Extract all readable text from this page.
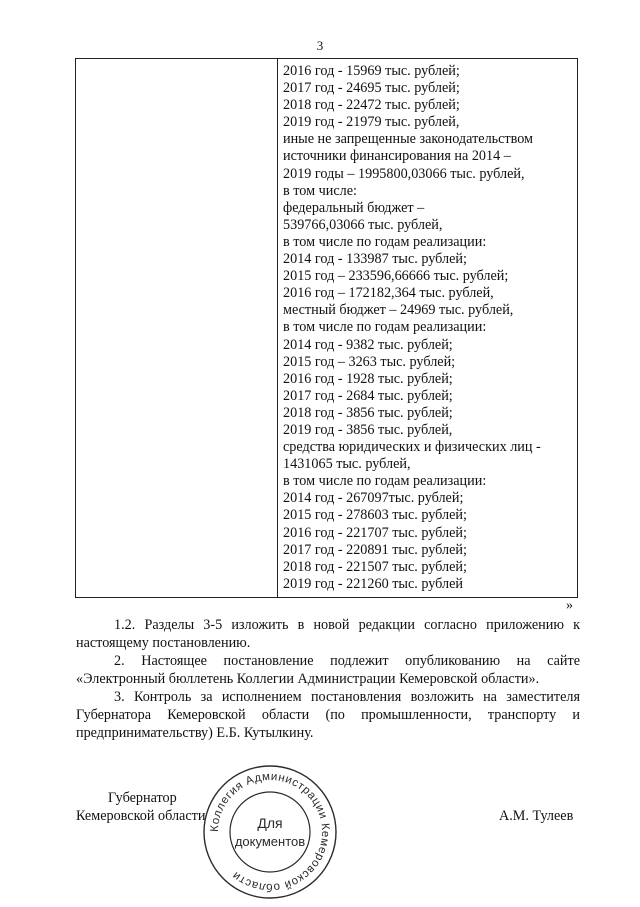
3
2016 год - 15969 тыс. рублей;
2017 год - 24695 тыс. рублей;
2018 год - 22472 тыс. рублей;
2019 год - 21979 тыс. рублей,
иные не запрещенные законодательством
источники финансирования на 2014 –
2019 годы – 1995800,03066 тыс. рублей,
в том числе:
федеральный бюджет –
539766,03066 тыс. рублей,
в том числе по годам реализации:
2014 год - 133987 тыс. рублей;
2015 год – 233596,66666 тыс. рублей;
2016 год – 172182,364 тыс. рублей,
местный бюджет – 24969 тыс. рублей,
в том числе по годам реализации:
2014 год - 9382 тыс. рублей;
2015 год – 3263 тыс. рублей;
2016 год - 1928 тыс. рублей;
2017 год - 2684 тыс. рублей;
2018 год - 3856 тыс. рублей;
2019 год - 3856 тыс. рублей,
средства юридических и физических лиц -
1431065 тыс. рублей,
в том числе по годам реализации:
2014 год - 267097тыс. рублей;
2015 год - 278603 тыс. рублей;
2016 год - 221707 тыс. рублей;
2017 год - 220891 тыс. рублей;
2018 год - 221507 тыс. рублей;
2019 год - 221260 тыс. рублей
»

1.2. Разделы 3-5 изложить в новой редакции согласно приложению к настоящему постановлению.

2. Настоящее постановление подлежит опубликованию на сайте «Электронный бюллетень Коллегии Администрации Кемеровской области».

3. Контроль за исполнением постановления возложить на заместителя Губернатора Кемеровской области (по промышленности, транспорту и предпринимательству) Е.Б. Кутылкину.

Губернатор
Кемеровской области	А.М. Тулеев
Коллегия Администрации Кемеровской области
Для
документов
